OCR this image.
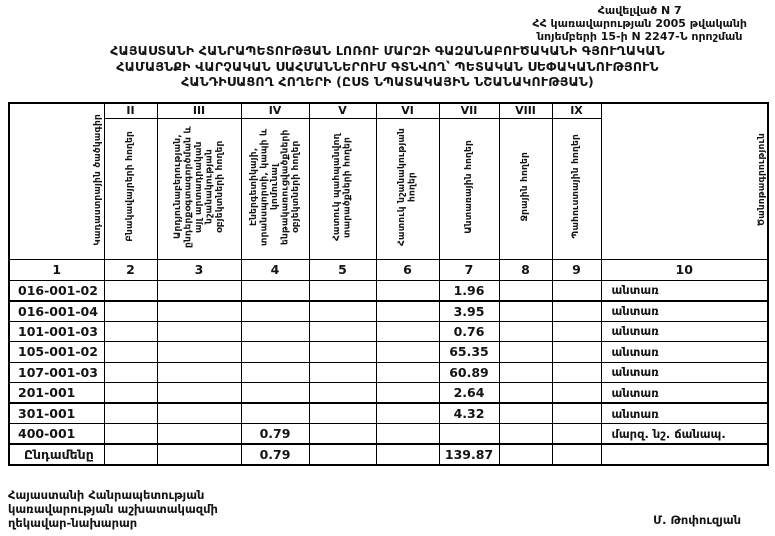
Հավելված N 7
ՀՀ կառավարության 2005 թվականի
նոյեմբերի 15-ի N 2247-Ն որոշման
ՀԱՅԱՍՏԱՆԻ ՀԱՆՐԱՊԵՏՈՒԹՅԱՆ ԼՈՌՈՒ ՄԱՐԶԻ ԳԱԶԱՆԱԲՈՒԾԱԿԱՆԻ ԳՅՈՒՂԱԿԱՆ
ՀԱՄԱՅՆՔԻ ՎԱՐՉԱԿԱՆ ՍԱՀՄԱՆՆԵՐՈՒՄ ԳՏՆՎՈՂ՝ ՊԵՏԱԿԱՆ ՍԵՓԱԿԱՆՈՒԹՅՈՒՆ
ՀԱՆԴԻՍԱՑՈՂ ՀՈՂԵՐԻ (ԸՍՏ ՆՊԱՏԱԿԱՅԻՆ ՆՇԱՆԱԿՈՒԹՅԱՆ)
Կադաստրային ծածկագիր	II	III	IV	V	VI	VII	VIII	IX	Ծանոթագրություն
	Բնակավայրերի հողեր	Արդյունաբերության, ընդերքօգտագործման և այլ արտադրական նշանակության օբյեկտների հողեր	Էներգետիկայի, տրանսպորտի, կապի և կոմունալ ենթակառուցվածքների օբյեկտների հողեր	Հատուկ պահպանվող տարածքների հողեր	Հատուկ նշանակության հողեր	Անտառային հողեր	Ջրային հողեր	Պահուստային հողեր	
1	2	3	4	5	6	7	8	9	10
016-001-02						1.96			անտառ
016-001-04						3.95			անտառ
101-001-03						0.76			անտառ
105-001-02						65.35			անտառ
107-001-03						60.89			անտառ
201-001						2.64			անտառ
301-001						4.32			անտառ
400-001			0.79						մարզ. նշ. ճանապ.
Ընդամենը			0.79			139.87			
Հայաստանի Հանրապետության
կառավարության աշխատակազմի
ղեկավար-նախարար	Մ. Թոփուզյան
